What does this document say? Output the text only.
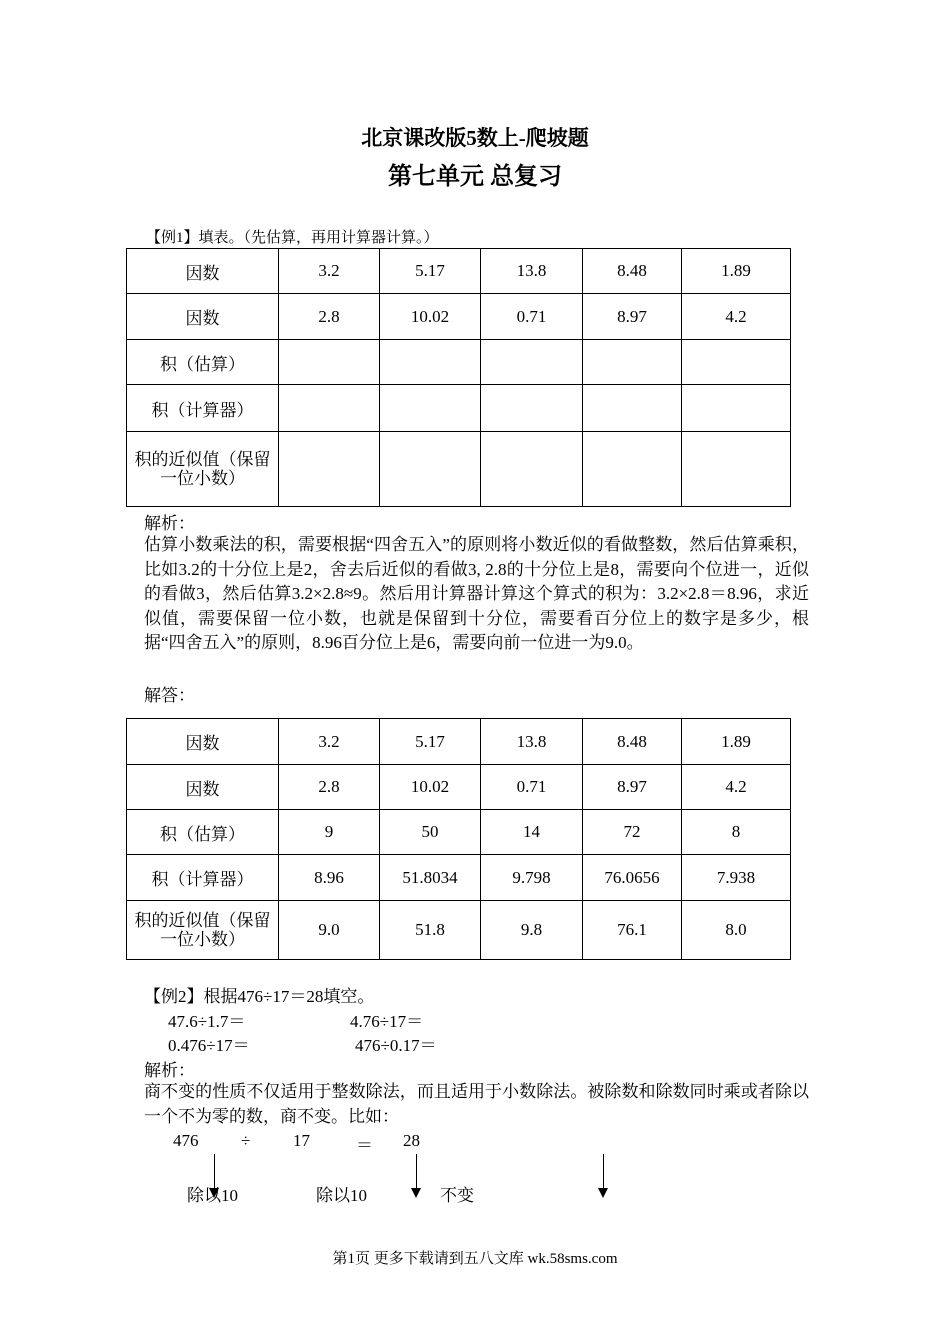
北京课改版5数上-爬坡题
第七单元 总复习
【例1】填表。（先估算，再用计算器计算。）
因数	3.2	5.17	13.8	8.48	1.89
因数	2.8	10.02	0.71	8.97	4.2
积（估算）					
积（计算器）					
积的近似值（保留一位小数）					
解析：
估算小数乘法的积，需要根据“四舍五入”的原则将小数近似的看做整数，然后估算乘积，比如3.2的十分位上是2，舍去后近似的看做3, 2.8的十分位上是8，需要向个位进一，近似的看做3，然后估算3.2×2.8≈9。然后用计算器计算这个算式的积为：3.2×2.8＝8.96，求近似值，需要保留一位小数，也就是保留到十分位，需要看百分位上的数字是多少，根据“四舍五入”的原则，8.96百分位上是6，需要向前一位进一为9.0。
解答：
因数	3.2	5.17	13.8	8.48	1.89
因数	2.8	10.02	0.71	8.97	4.2
积（估算）	9	50	14	72	8
积（计算器）	8.96	51.8034	9.798	76.0656	7.938
积的近似值（保留一位小数）	9.0	51.8	9.8	76.1	8.0
【例2】根据476÷17＝28填空。
47.6÷1.7＝	4.76÷17＝
0.476÷17＝	476÷0.17＝
解析：
商不变的性质不仅适用于整数除法，而且适用于小数除法。被除数和除数同时乘或者除以一个不为零的数，商不变。比如：
476	÷	17	＝ 28
除以10	除以10	不变
第1页 更多下载请到五八文库 wk.58sms.com
